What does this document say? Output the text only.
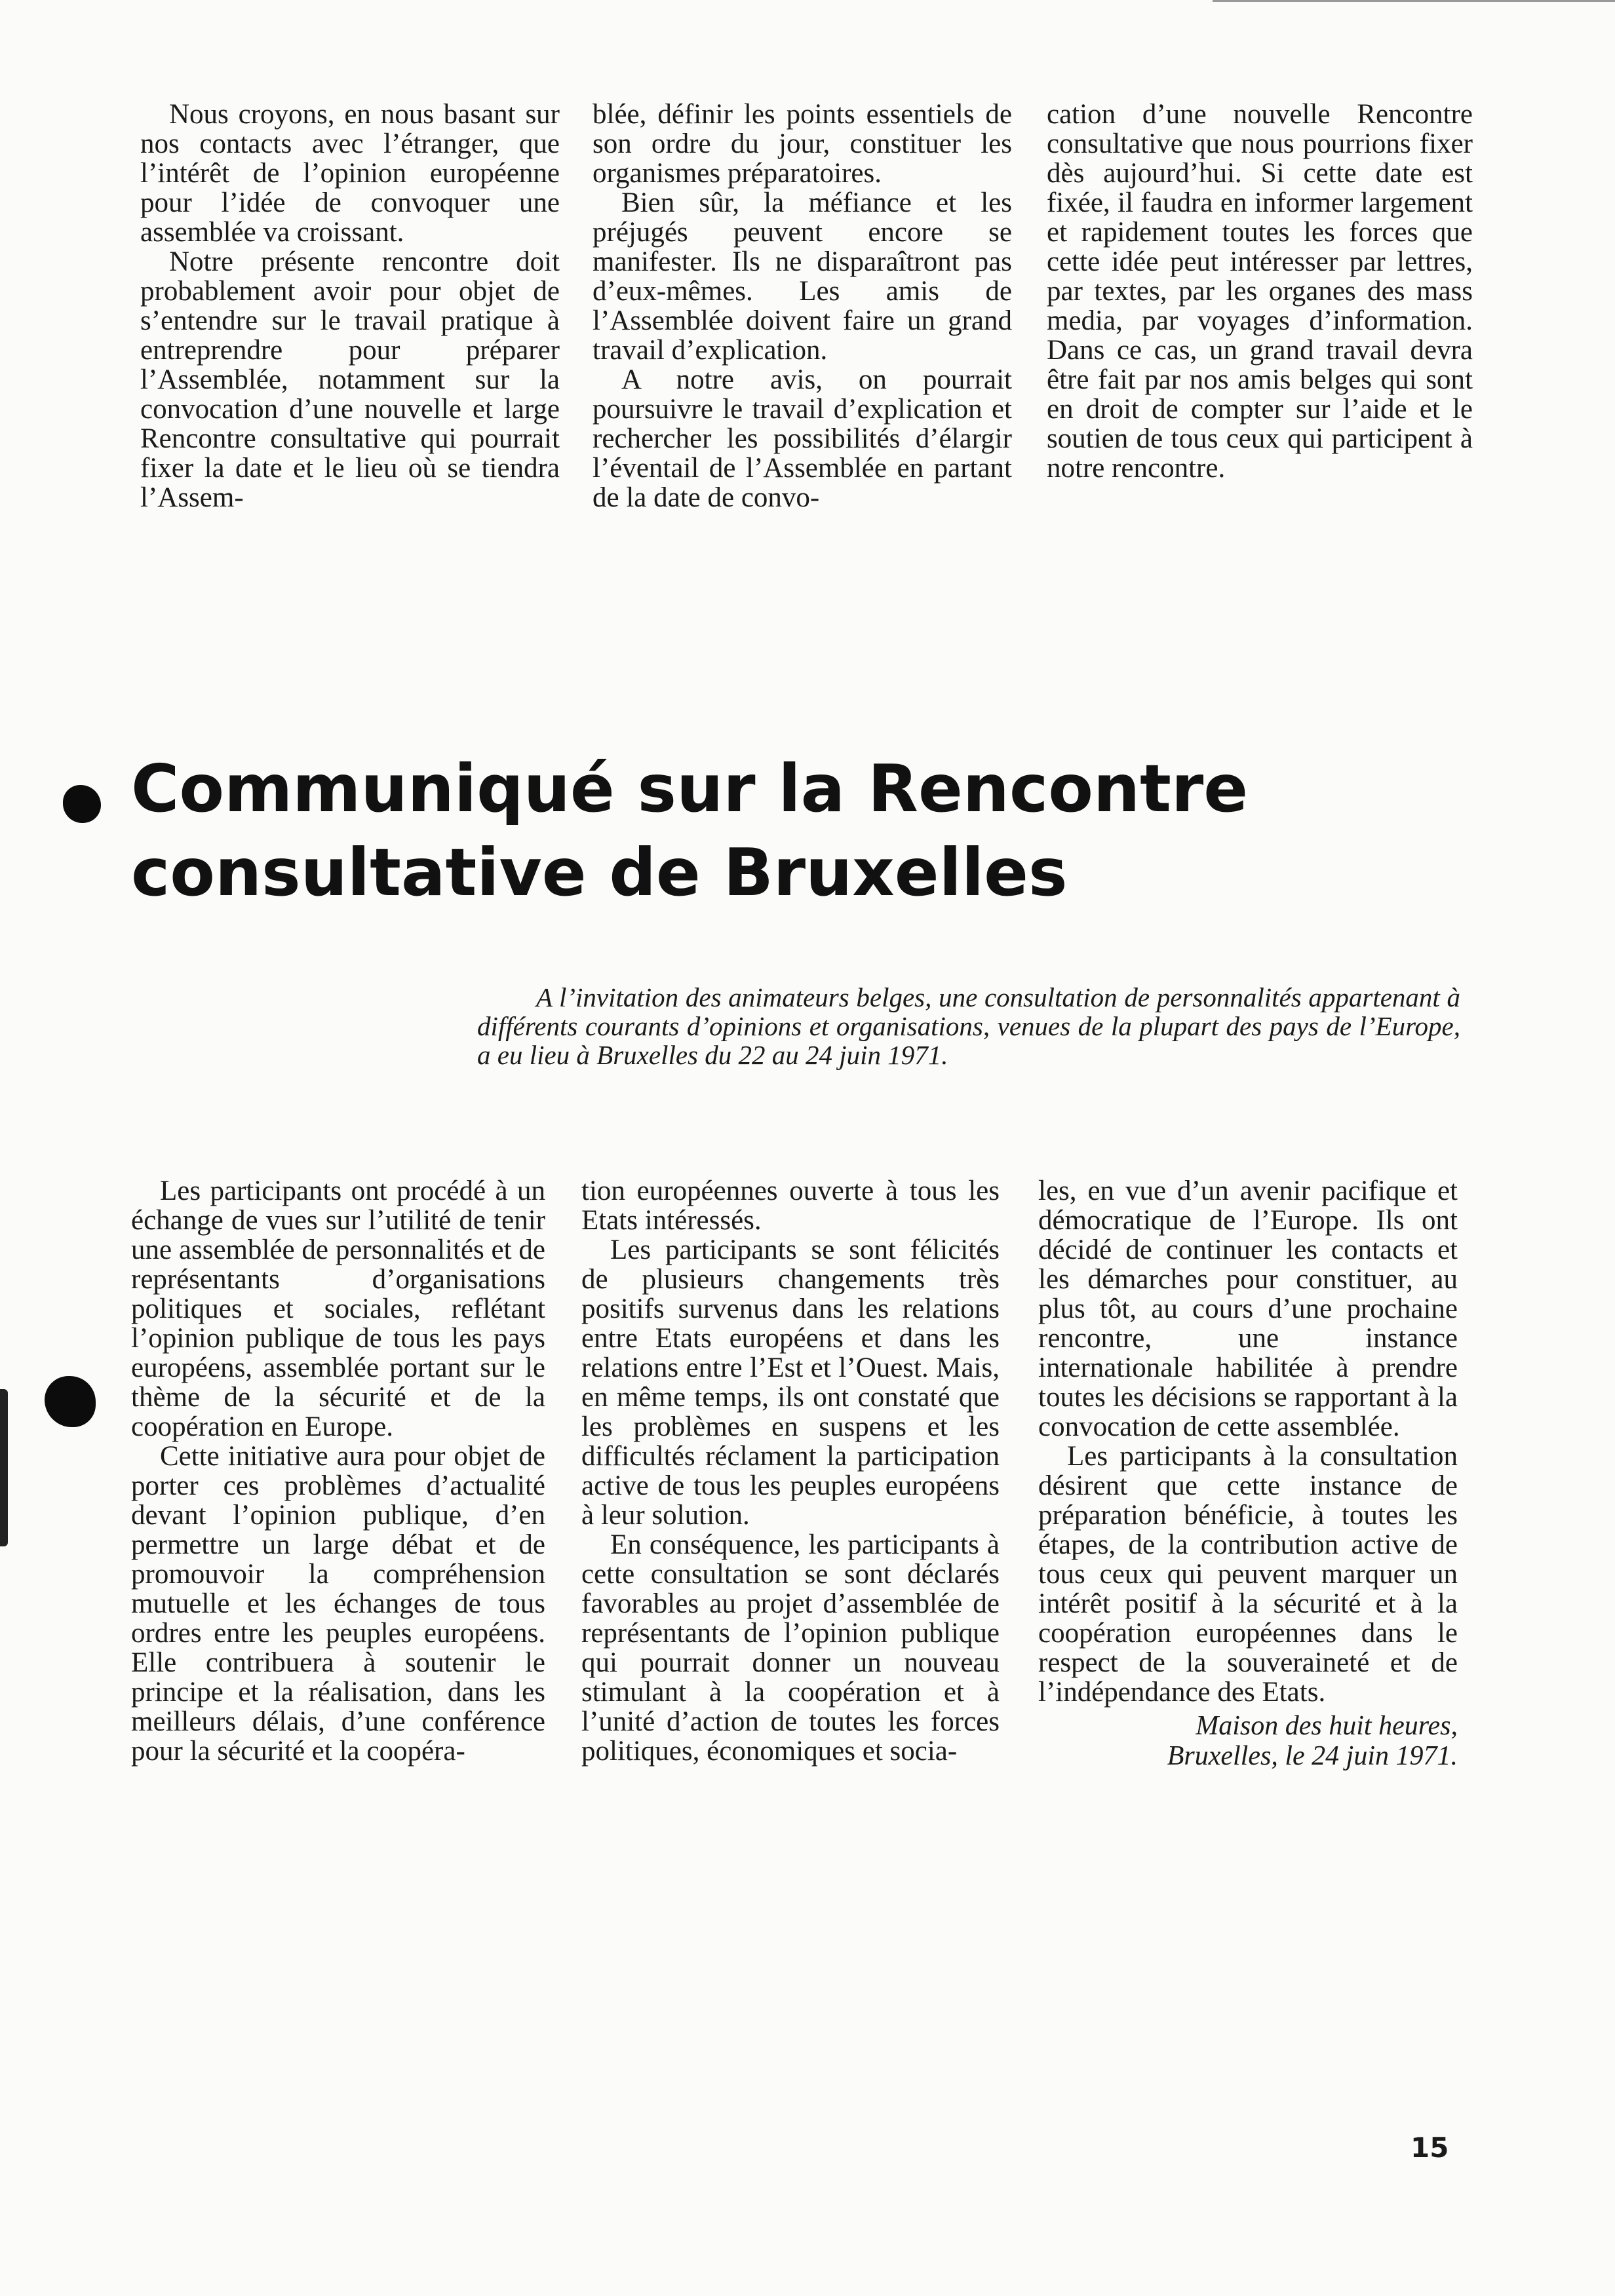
Nous croyons, en nous basant sur nos contacts avec l’étranger, que l’intérêt de l’opinion européenne pour l’idée de convoquer une assemblée va croissant.

Notre présente rencontre doit probablement avoir pour objet de s’entendre sur le travail pratique à entreprendre pour préparer l’Assemblée, notamment sur la convocation d’une nouvelle et large Rencontre consultative qui pourrait fixer la date et le lieu où se tiendra l’Assem-

blée, définir les points essentiels de son ordre du jour, constituer les organismes préparatoires.

Bien sûr, la méfiance et les préjugés peuvent encore se manifester. Ils ne disparaîtront pas d’eux-mêmes. Les amis de l’Assemblée doivent faire un grand travail d’explication.

A notre avis, on pourrait poursuivre le travail d’explication et rechercher les possibilités d’élargir l’éventail de l’Assemblée en partant de la date de convo-

cation d’une nouvelle Rencontre consultative que nous pourrions fixer dès aujourd’hui. Si cette date est fixée, il faudra en informer largement et rapidement toutes les forces que cette idée peut intéresser par lettres, par textes, par les organes des mass media, par voyages d’information. Dans ce cas, un grand travail devra être fait par nos amis belges qui sont en droit de compter sur l’aide et le soutien de tous ceux qui participent à notre rencontre.

Communiqué sur la Rencontre
consultative de Bruxelles

A l’invitation des animateurs belges, une consultation de personnalités appartenant à différents courants d’opinions et organisations, venues de la plupart des pays de l’Europe, a eu lieu à Bruxelles du 22 au 24 juin 1971.

Les participants ont procédé à un échange de vues sur l’utilité de tenir une assemblée de personnalités et de représentants d’organisations politiques et sociales, reflétant l’opinion publique de tous les pays européens, assemblée portant sur le thème de la sécurité et de la coopération en Europe.

Cette initiative aura pour objet de porter ces problèmes d’actualité devant l’opinion publique, d’en permettre un large débat et de promouvoir la compréhension mutuelle et les échanges de tous ordres entre les peuples européens. Elle contribuera à soutenir le principe et la réalisation, dans les meilleurs délais, d’une conférence pour la sécurité et la coopéra-

tion européennes ouverte à tous les Etats intéressés.

Les participants se sont félicités de plusieurs changements très positifs survenus dans les relations entre Etats européens et dans les relations entre l’Est et l’Ouest. Mais, en même temps, ils ont constaté que les problèmes en suspens et les difficultés réclament la participation active de tous les peuples européens à leur solution.

En conséquence, les participants à cette consultation se sont déclarés favorables au projet d’assemblée de représentants de l’opinion publique qui pourrait donner un nouveau stimulant à la coopération et à l’unité d’action de toutes les forces politiques, économiques et socia-

les, en vue d’un avenir pacifique et démocratique de l’Europe. Ils ont décidé de continuer les contacts et les démarches pour constituer, au plus tôt, au cours d’une prochaine rencontre, une instance internationale habilitée à prendre toutes les décisions se rapportant à la convocation de cette assemblée.

Les participants à la consultation désirent que cette instance de préparation bénéficie, à toutes les étapes, de la contribution active de tous ceux qui peuvent marquer un intérêt positif à la sécurité et à la coopération européennes dans le respect de la souveraineté et de l’indépendance des Etats.

Maison des huit heures,
Bruxelles, le 24 juin 1971.
15
